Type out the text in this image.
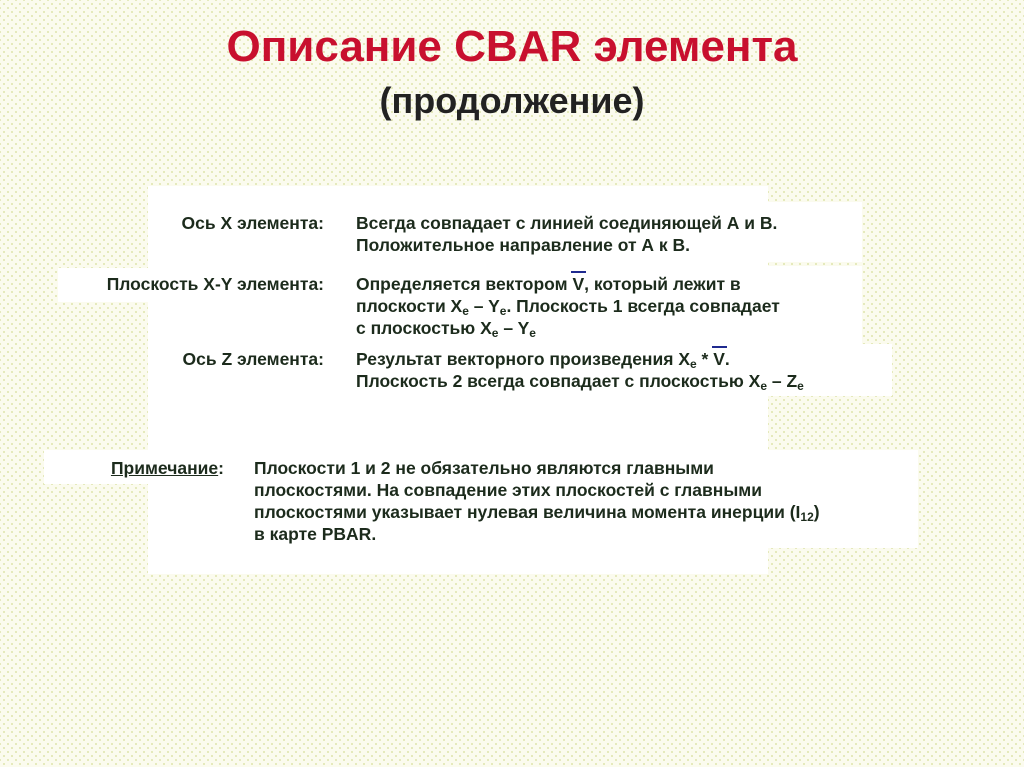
Описание CBAR элемента
(продолжение)
Ось X элемента: Всегда совпадает с линией соединяющей А и В.
Положительное направление от А к В.
Плоскость X-Y элемента: Определяется вектором V, который лежит в
плоскости $X_e - Y_e$. Плоскость 1 всегда совпадает
с плоскостью $X_e - Y_e$
Ось Z элемента: Результат векторного произведения $X_e$ * V.
Плоскость 2 всегда совпадает с плоскостью $X_e - Z_e$
Примечание: Плоскости 1 и 2 не обязательно являются главными
плоскостями. На совпадение этих плоскостей с главными
плоскостями указывает нулевая величина момента инерции $(I_{12})$
в карте PBAR.
